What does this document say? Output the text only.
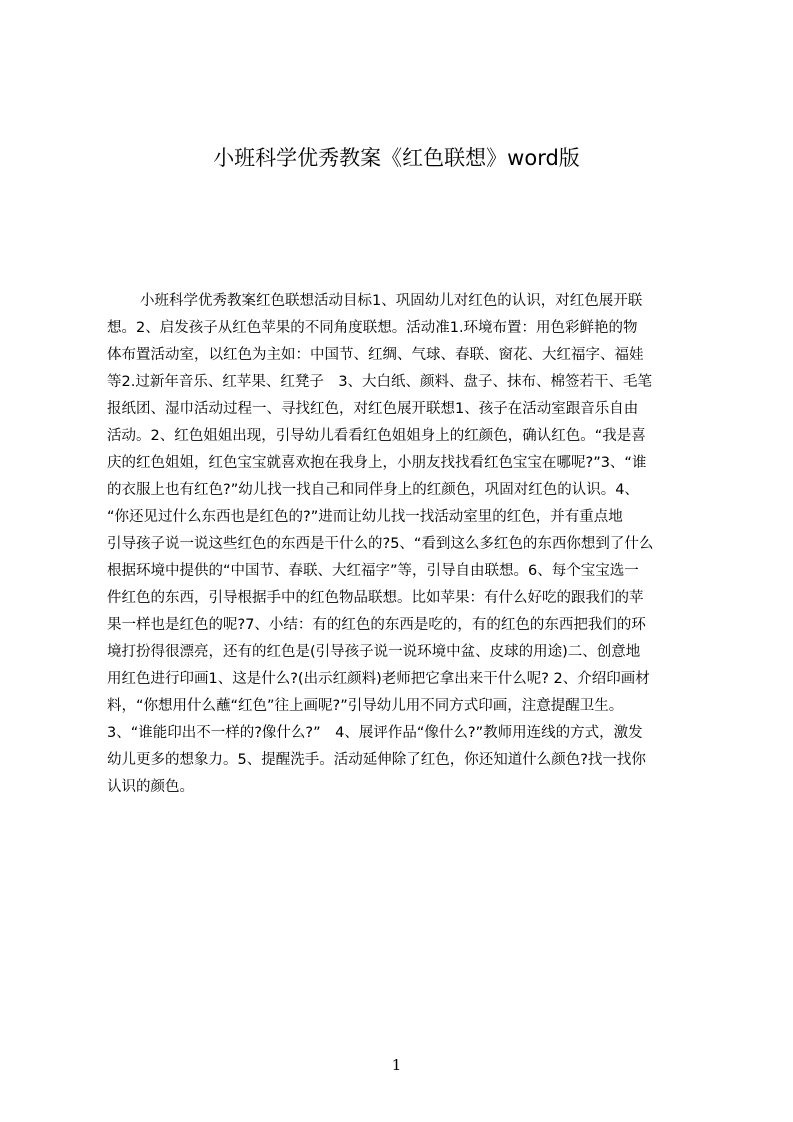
小班科学优秀教案《红色联想》word版
小班科学优秀教案红色联想活动目标1、巩固幼儿对红色的认识，对红色展开联
想。2、启发孩子从红色苹果的不同角度联想。活动准1.环境布置：用色彩鲜艳的物
体布置活动室，以红色为主如：中国节、红绸、气球、春联、窗花、大红福字、福娃
等2.过新年音乐、红苹果、红凳子　3、大白纸、颜料、盘子、抹布、棉签若干、毛笔
报纸团、湿巾活动过程一、寻找红色，对红色展开联想1、孩子在活动室跟音乐自由
活动。2、红色姐姐出现，引导幼儿看看红色姐姐身上的红颜色，确认红色。“我是喜
庆的红色姐姐，红色宝宝就喜欢抱在我身上，小朋友找找看红色宝宝在哪呢?”3、“谁
的衣服上也有红色?”幼儿找一找自己和同伴身上的红颜色，巩固对红色的认识。4、
“你还见过什么东西也是红色的?”进而让幼儿找一找活动室里的红色，并有重点地
引导孩子说一说这些红色的东西是干什么的?5、“看到这么多红色的东西你想到了什么
根据环境中提供的“中国节、春联、大红福字”等，引导自由联想。6、每个宝宝选一
件红色的东西，引导根据手中的红色物品联想。比如苹果：有什么好吃的跟我们的苹
果一样也是红色的呢?7、小结：有的红色的东西是吃的，有的红色的东西把我们的环
境打扮得很漂亮，还有的红色是(引导孩子说一说环境中盆、皮球的用途)二、创意地
用红色进行印画1、这是什么?(出示红颜料)老师把它拿出来干什么呢? 2、介绍印画材
料，“你想用什么蘸“红色”往上画呢?”引导幼儿用不同方式印画，注意提醒卫生。
3、“谁能印出不一样的?像什么?”　4、展评作品“像什么?”教师用连线的方式，激发
幼儿更多的想象力。5、提醒洗手。活动延伸除了红色，你还知道什么颜色?找一找你
认识的颜色。
1
